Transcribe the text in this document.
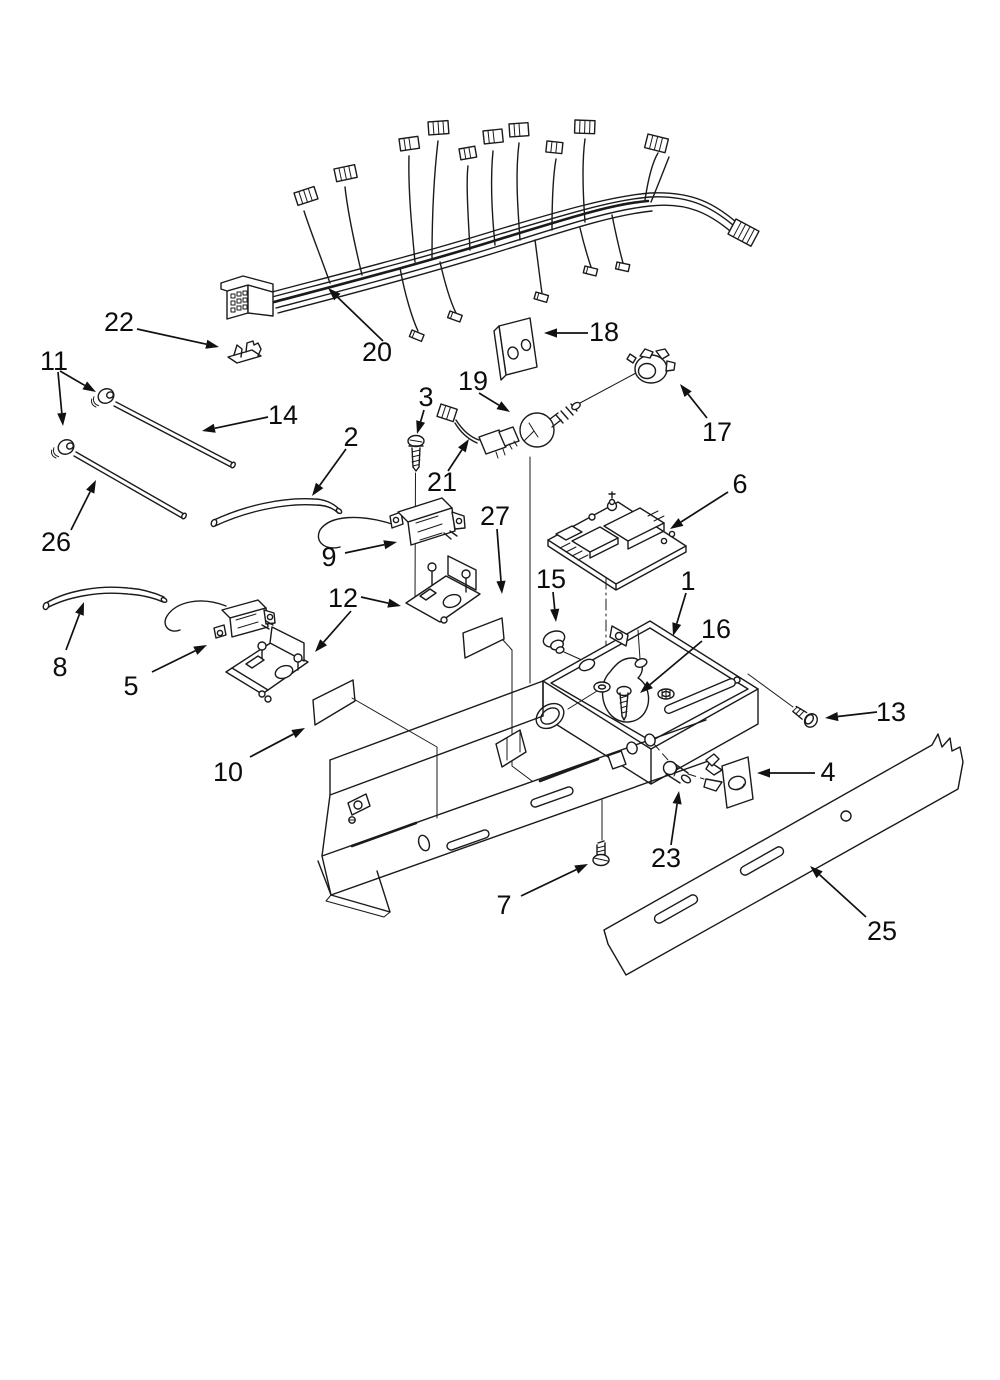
1
2
3
4
5
6
7
8
9
10
11
12
13
14
15
16
17
18
19
20
21
22
23
25
26
27
